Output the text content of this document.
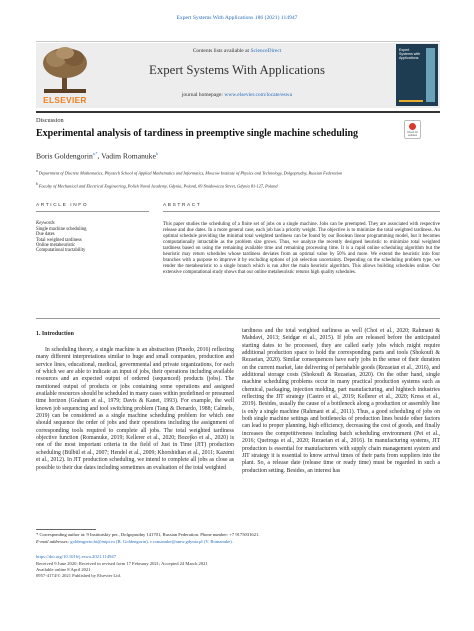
Expert Systems With Applications 186 (2021) 114947
ELSEVIER
Contents lists available at ScienceDirect
Expert Systems With Applications
journal homepage: www.elsevier.com/locate/eswa
Expert Systems with Applications
Discussion
Experimental analysis of tardiness in preemptive single machine scheduling	Check for updates
Boris Goldengorin$^{a,*}$, Vadim Romanuke$^b$
$^a$ Department of Discrete Mathematics, Phystech School of Applied Mathematics and Informatics, Moscow Institute of Physics and Technology, Dolgoprudny, Russian Federation
$^b$ Faculty of Mechanical and Electrical Engineering, Polish Naval Academy, Gdynia, Poland, 69 Śmidowicza Street, Gdynia 81-127, Poland
ARTICLE INFO	ABSTRACT
Keywords
Single machine scheduling
Due dates
Total weighted tardiness
Online metaheuristic
Computational tractability

This paper studies the scheduling of a finite set of jobs on a single machine. Jobs can be preempted. They are associated with respective release and due dates. In a more general case, each job has a priority weight. The objective is to minimize the total weighted tardiness. An optimal schedule providing the minimal total weighted tardiness can be found by our Boolean linear programming model, but it becomes computationally intractable as the problem size grows. Thus, we analyze the recently designed heuristic to minimize total weighted tardiness based on using the remaining available time and remaining processing time. It is a rapid online scheduling algorithm but the heuristic may return schedules whose tardiness deviates from an optimal value by 50% and more. We extend the heuristic into four branches with a purpose to improve it by excluding options of job selection uncertainty. Depending on the scheduling problem type, we render the metaheuristic to a single branch which is run after the main heuristic algorithm. This allows building schedules online. Our extensive computational study shows that our online metaheuristic returns high quality schedules.

1. Introduction

In scheduling theory, a single machine is an abstraction (Pinedo, 2016) reflecting many different interpretations similar to huge and small companies, production and service lines, educational, medical, governmental and private organizations, for each of which we are able to indicate an input of jobs, their operations including available resources and an expected output of ordered (sequenced) products (jobs). The mentioned output of products or jobs containing some operations and assigned available resources should be scheduled in many cases within predefined or presumed time horizon (Graham et al., 1979; Davis & Kanet, 1993). For example, the well known job sequencing and tool switching problem (Tang & Denardo, 1988; Calmels, 2019) can be considered as a single machine scheduling problem for which one should sequence the order of jobs and their operations including the assignment of corresponding tools required to complete all jobs. The total weighted tardiness objective function (Romanuke, 2019; Kellerer et al., 2020; Bozejko et al., 2020) is one of the most important criteria in the field of Just in Time (JIT) production scheduling (Bülbül et al., 2007; Hendel et al., 2009; Khorshidian et al., 2011; Kazemi et al., 2012). In JIT production scheduling, we intend to complete all jobs as close as possible to their due dates including sometimes an evaluation of the total weighted

tardiness and the total weighted earliness as well (Choi et al., 2020; Rahmani & Mahdavi, 2013; Seidgar et al., 2015). If jobs are released before the anticipated starting dates to be processed, they are called early jobs which might require additional production space to hold the corresponding parts and tools (Shokoufi & Rezaeian, 2020). Similar consequences have early jobs in the sense of their duration on the current market, late delivering of perishable goods (Rezaeian et al., 2016), and additional storage costs (Shokoufi & Rezaeian, 2020). On the other hand, single machine scheduling problems occur in many practical production systems such as chemical, packaging, injection molding, part manufacturing, and hightech industries reflecting the JIT strategy (Castro et al., 2019; Kellerer et al., 2020; Kress et al., 2019). Besides, usually the cause of a bottleneck along a production or assembly line is only a single machine (Rahmani et al., 2011). Thus, a good scheduling of jobs on both single machine settings and bottlenecks of production lines beside other factors can lead to proper planning, high efficiency, decreasing the cost of goods, and finally increases the competitiveness including batch scheduling environment (Pei et al., 2016; Queiroga et al., 2020; Rezaeian et al., 2016). In manufacturing systems, JIT production is essential for manufacturers with supply chain management system and JIT strategy it is essential to know arrival times of their parts from suppliers into the plant. So, a release date (release time or ready time) must be regarded in such a production setting. Besides, an interest has

* Corresponding author at: 9 Institutskiy per., Dolgoprudny 141701, Russian Federation. Phone number: +7 9175031621.
E-mail addresses: goldengorin.bi@mipt.ru (B. Goldengorin), v.romanuke@amw.gdynia.pl (V. Romanuke).
https://doi.org/10.1016/j.eswa.2021.114947
Received 9 June 2020; Received in revised form 17 February 2021; Accepted 24 March 2021
Available online 8 April 2021
0957-4174/© 2021 Published by Elsevier Ltd.
